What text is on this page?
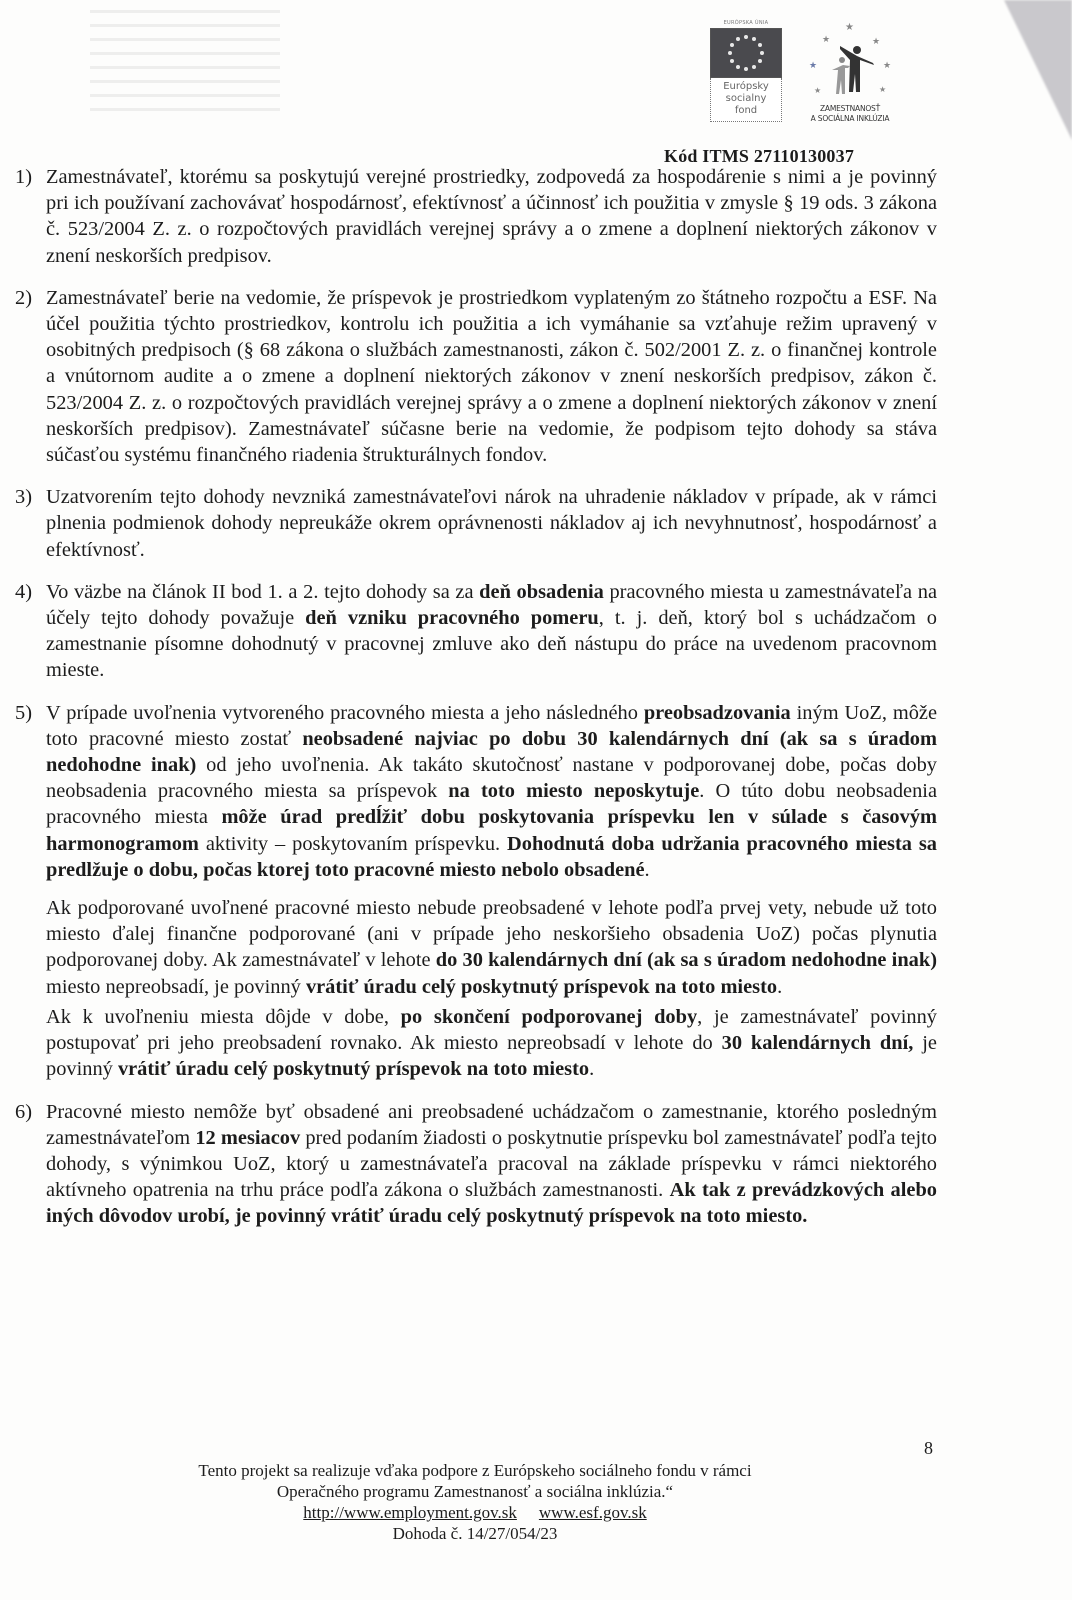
EURÓPSKA ÚNIA
Európsky
socialny
fond
★
★	★
★	★
★	★
ZAMESTNANOSŤ
A SOCIÁLNA INKLÚZIA
Kód ITMS 27110130037
1) Zamestnávateľ, ktorému sa poskytujú verejné prostriedky, zodpovedá za hospodárenie s nimi a je povinný pri ich používaní zachovávať hospodárnosť, efektívnosť a účinnosť ich použitia v zmysle § 19 ods. 3 zákona č. 523/2004 Z. z. o rozpočtových pravidlách verejnej správy a o zmene a doplnení niektorých zákonov v znení neskorších predpisov.

2) Zamestnávateľ berie na vedomie, že príspevok je prostriedkom vyplateným zo štátneho rozpočtu a ESF. Na účel použitia týchto prostriedkov, kontrolu ich použitia a ich vymáhanie sa vzťahuje režim upravený v osobitných predpisoch (§ 68 zákona o službách zamestnanosti, zákon č. 502/2001 Z. z. o finančnej kontrole a vnútornom audite a o zmene a doplnení niektorých zákonov v znení neskorších predpisov, zákon č. 523/2004 Z. z. o rozpočtových pravidlách verejnej správy a o zmene a doplnení niektorých zákonov v znení neskorších predpisov). Zamestnávateľ súčasne berie na vedomie, že podpisom tejto dohody sa stáva súčasťou systému finančného riadenia štrukturálnych fondov.

3) Uzatvorením tejto dohody nevzniká zamestnávateľovi nárok na uhradenie nákladov v prípade, ak v rámci plnenia podmienok dohody nepreukáže okrem oprávnenosti nákladov aj ich nevyhnutnosť, hospodárnosť a efektívnosť.

4) Vo väzbe na článok II bod 1. a 2. tejto dohody sa za deň obsadenia pracovného miesta u zamestnávateľa na účely tejto dohody považuje deň vzniku pracovného pomeru, t. j. deň, ktorý bol s uchádzačom o zamestnanie písomne dohodnutý v pracovnej zmluve ako deň nástupu do práce na uvedenom pracovnom mieste.

5) V prípade uvoľnenia vytvoreného pracovného miesta a jeho následného preobsadzovania iným UoZ, môže toto pracovné miesto zostať neobsadené najviac po dobu 30 kalendárnych dní (ak sa s úradom nedohodne inak) od jeho uvoľnenia. Ak takáto skutočnosť nastane v podporovanej dobe, počas doby neobsadenia pracovného miesta sa príspevok na toto miesto neposkytuje. O túto dobu neobsadenia pracovného miesta môže úrad predĺžiť dobu poskytovania príspevku len v súlade s časovým harmonogramom aktivity – poskytovaním príspevku. Dohodnutá doba udržania pracovného miesta sa predlžuje o dobu, počas ktorej toto pracovné miesto nebolo obsadené.

Ak podporované uvoľnené pracovné miesto nebude preobsadené v lehote podľa prvej vety, nebude už toto miesto ďalej finančne podporované (ani v prípade jeho neskoršieho obsadenia UoZ) počas plynutia podporovanej doby. Ak zamestnávateľ v lehote do 30 kalendárnych dní (ak sa s úradom nedohodne inak) miesto nepreobsadí, je povinný vrátiť úradu celý poskytnutý príspevok na toto miesto.

Ak k uvoľneniu miesta dôjde v dobe, po skončení podporovanej doby, je zamestnávateľ povinný postupovať pri jeho preobsadení rovnako. Ak miesto nepreobsadí v lehote do 30 kalendárnych dní, je povinný vrátiť úradu celý poskytnutý príspevok na toto miesto.

6) Pracovné miesto nemôže byť obsadené ani preobsadené uchádzačom o zamestnanie, ktorého posledným zamestnávateľom 12 mesiacov pred podaním žiadosti o poskytnutie príspevku bol zamestnávateľ podľa tejto dohody, s výnimkou UoZ, ktorý u zamestnávateľa pracoval na základe príspevku v rámci niektorého aktívneho opatrenia na trhu práce podľa zákona o službách zamestnanosti. Ak tak z prevádzkových alebo iných dôvodov urobí, je povinný vrátiť úradu celý poskytnutý príspevok na toto miesto.

8
Tento projekt sa realizuje vďaka podpore z Európskeho sociálneho fondu v rámci
Operačného programu Zamestnanosť a sociálna inklúzia.“
http://www.employment.gov.sk www.esf.gov.sk
Dohoda č. 14/27/054/23
